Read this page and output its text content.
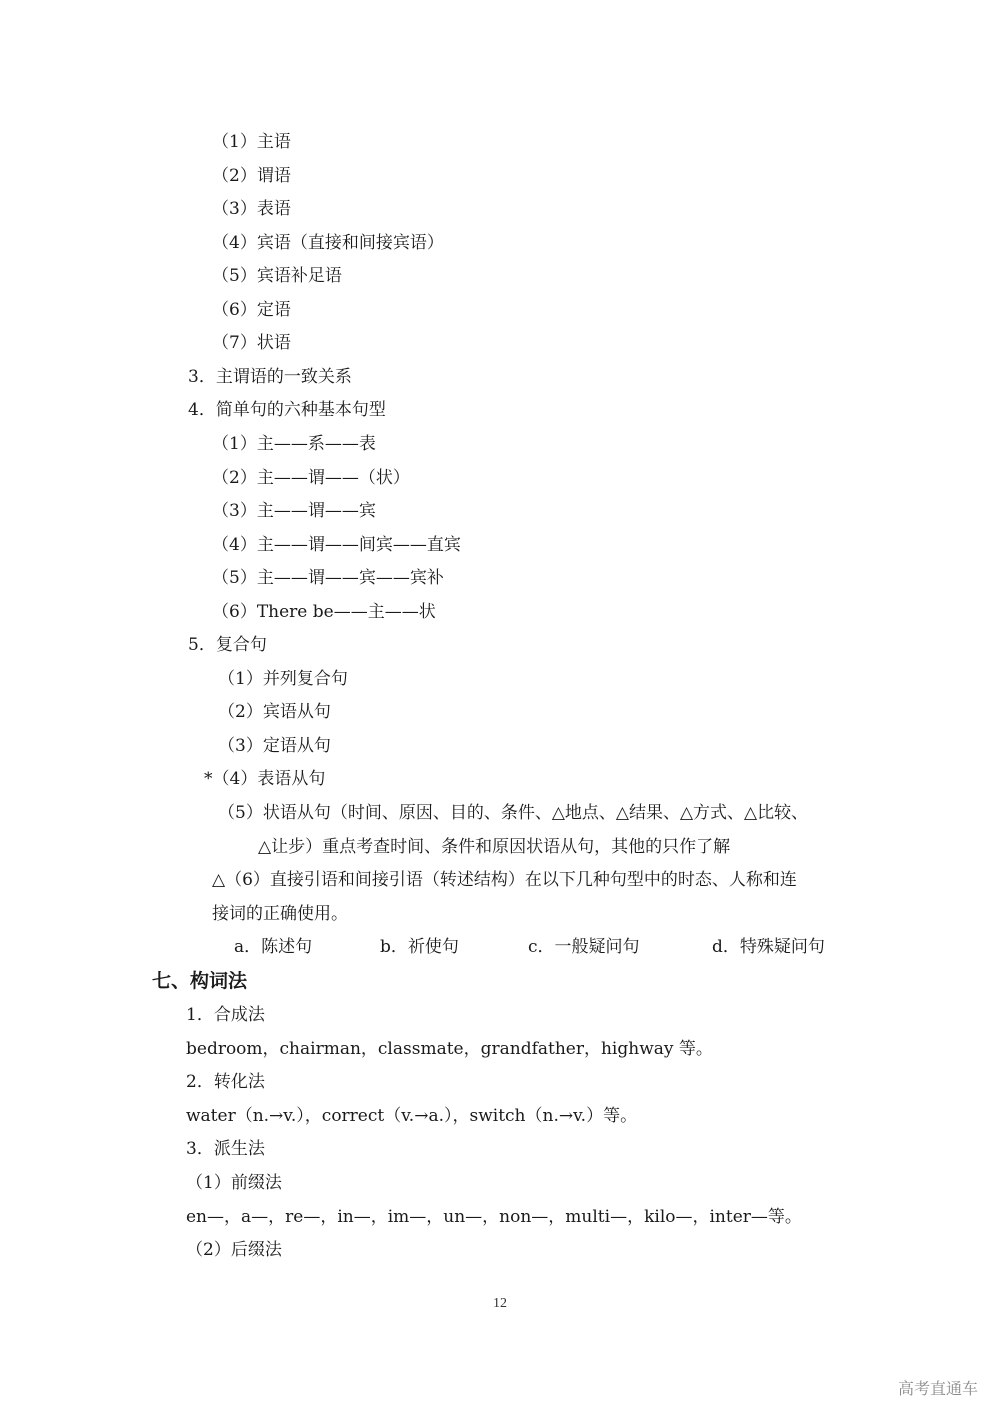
（1）主语
（2）谓语
（3）表语
（4）宾语（直接和间接宾语）
（5）宾语补足语
（6）定语
（7）状语
3．主谓语的一致关系
4．简单句的六种基本句型
（1）主——系——表
（2）主——谓——（状）
（3）主——谓——宾
（4）主——谓——间宾——直宾
（5）主——谓——宾——宾补
（6）There be——主——状
5．复合句
（1）并列复合句
（2）宾语从句
（3）定语从句
*（4）表语从句
（5）状语从句（时间、原因、目的、条件、△地点、△结果、△方式、△比较、
△让步）重点考查时间、条件和原因状语从句，其他的只作了解
△（6）直接引语和间接引语（转述结构）在以下几种句型中的时态、人称和连
接词的正确使用。
a．陈述句	b．祈使句	c．一般疑问句	d．特殊疑问句
七、构词法
1．合成法
bedroom，chairman，classmate，grandfather，highway 等。
2．转化法
water（n.→v.），correct（v.→a.），switch（n.→v.）等。
3．派生法
（1）前缀法
en—，a—，re—，in—，im—，un—，non—，multi—，kilo—，inter—等。
（2）后缀法
12
高考直通车
